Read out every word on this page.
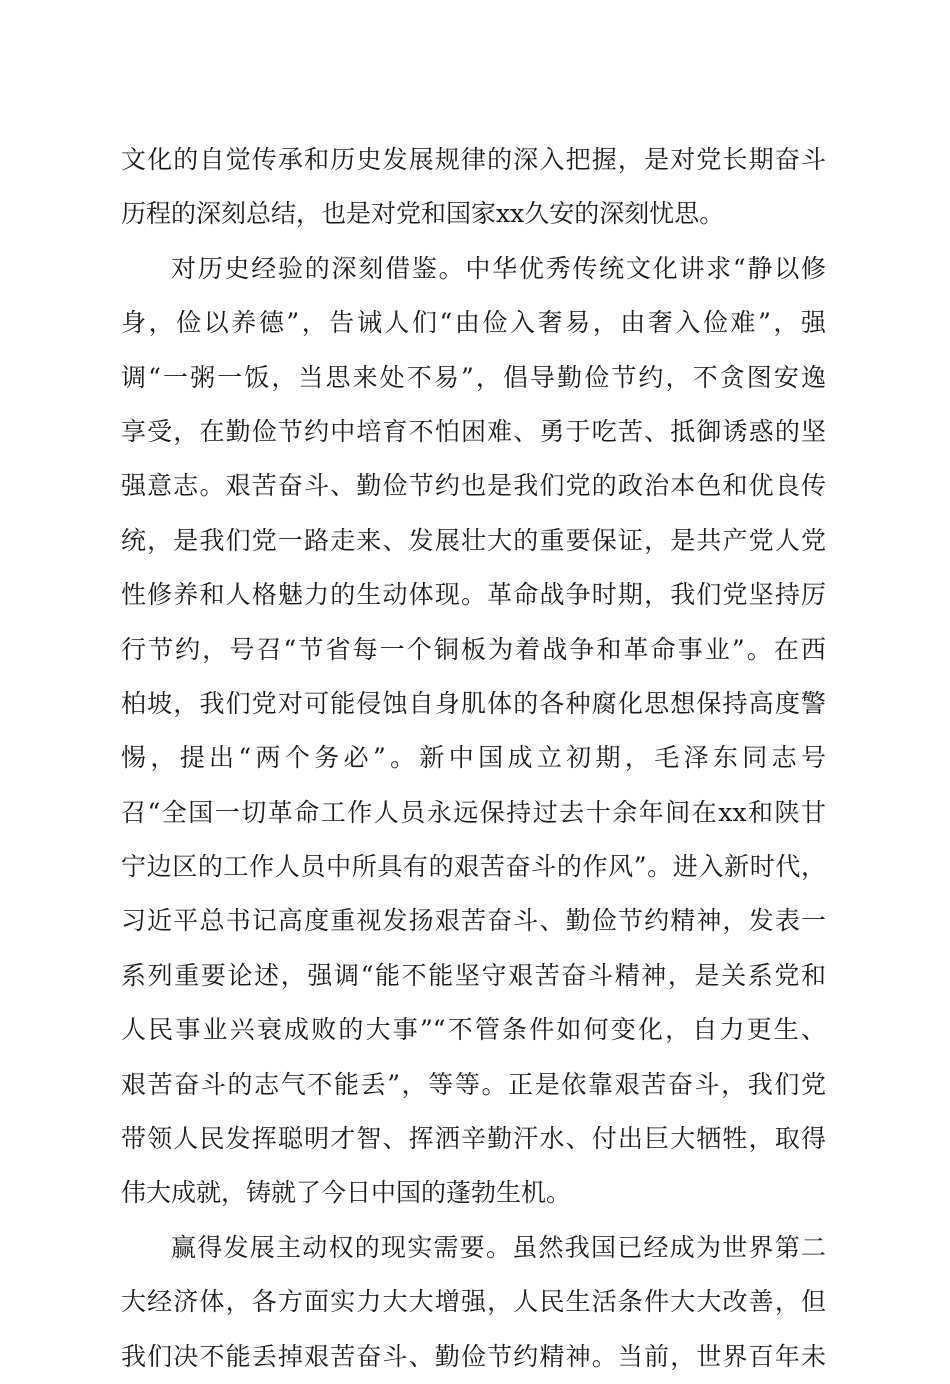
文化的自觉传承和历史发展规律的深入把握，是对党长期奋斗
历程的深刻总结，也是对党和国家xx久安的深刻忧思。
对历史经验的深刻借鉴。中华优秀传统文化讲求“静以修
身，俭以养德”，告诫人们“由俭入奢易，由奢入俭难”，强
调“一粥一饭，当思来处不易”，倡导勤俭节约，不贪图安逸
享受，在勤俭节约中培育不怕困难、勇于吃苦、抵御诱惑的坚
强意志。艰苦奋斗、勤俭节约也是我们党的政治本色和优良传
统，是我们党一路走来、发展壮大的重要保证，是共产党人党
性修养和人格魅力的生动体现。革命战争时期，我们党坚持厉
行节约，号召“节省每一个铜板为着战争和革命事业”。在西
柏坡，我们党对可能侵蚀自身肌体的各种腐化思想保持高度警
惕，提出“两个务必”。新中国成立初期，毛泽东同志号
召“全国一切革命工作人员永远保持过去十余年间在xx和陕甘
宁边区的工作人员中所具有的艰苦奋斗的作风”。进入新时代，
习近平总书记高度重视发扬艰苦奋斗、勤俭节约精神，发表一
系列重要论述，强调“能不能坚守艰苦奋斗精神，是关系党和
人民事业兴衰成败的大事”“不管条件如何变化，自力更生、
艰苦奋斗的志气不能丢”，等等。正是依靠艰苦奋斗，我们党
带领人民发挥聪明才智、挥洒辛勤汗水、付出巨大牺牲，取得
伟大成就，铸就了今日中国的蓬勃生机。
赢得发展主动权的现实需要。虽然我国已经成为世界第二
大经济体，各方面实力大大增强，人民生活条件大大改善，但
我们决不能丢掉艰苦奋斗、勤俭节约精神。当前，世界百年未
